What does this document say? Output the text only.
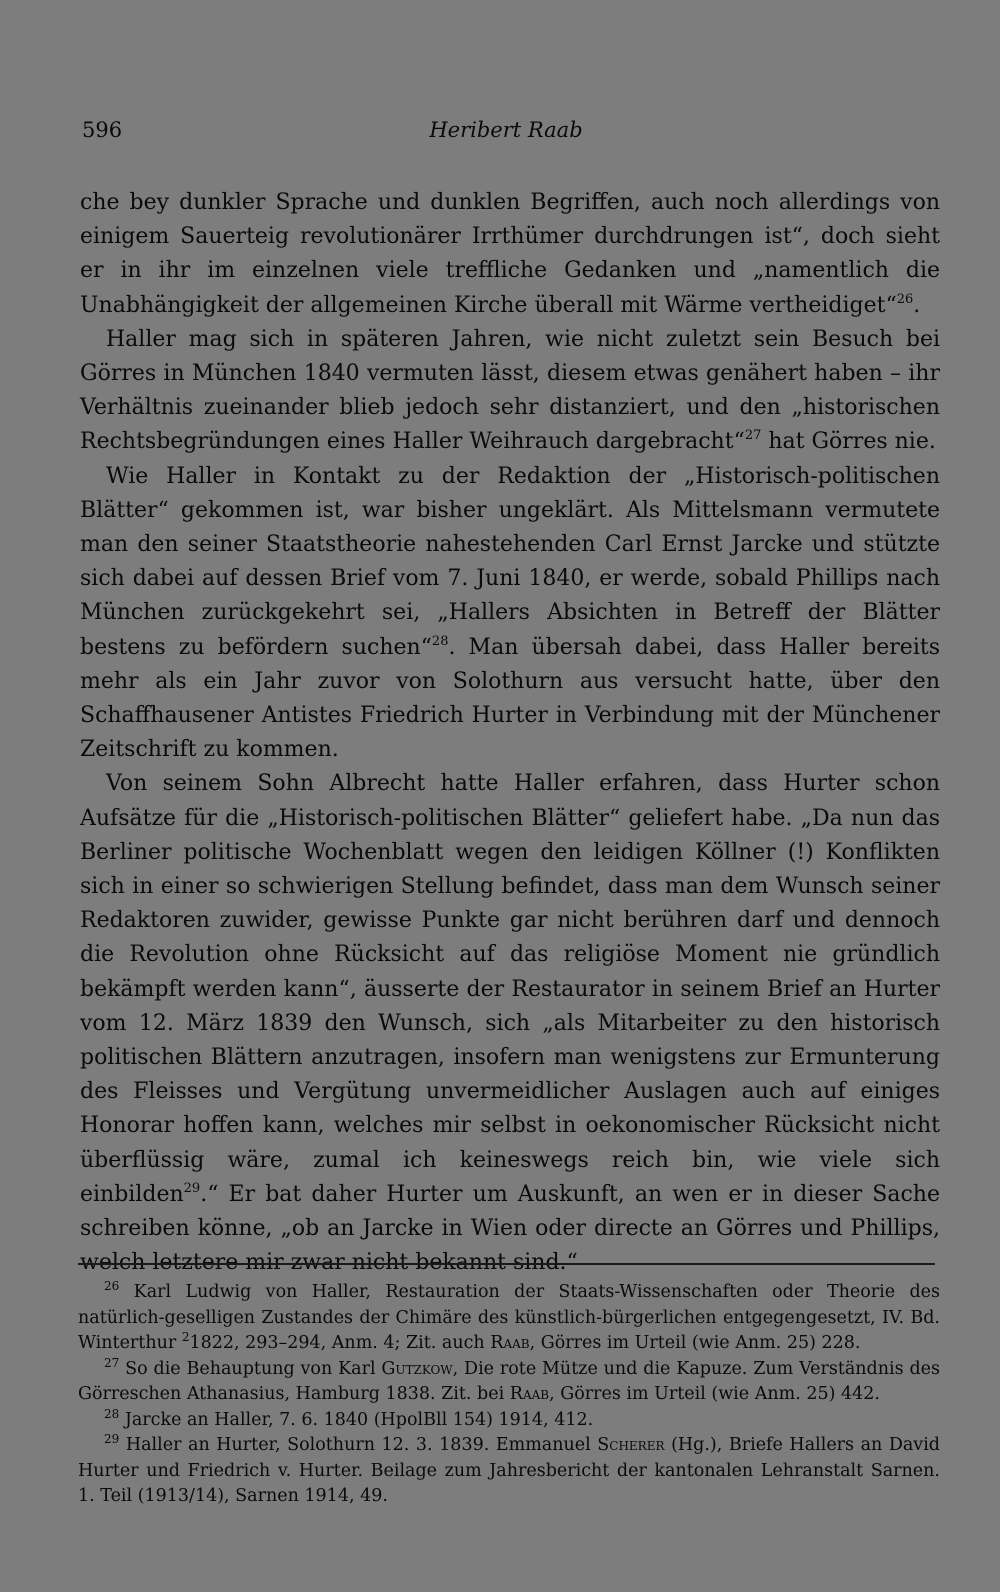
596	Heribert Raab

che bey dunkler Sprache und dunklen Begriffen, auch noch allerdings von einigem Sauerteig revolutionärer Irrthümer durchdrungen ist“, doch sieht er in ihr im einzelnen viele treffliche Gedanken und „namentlich die Unabhängigkeit der allgemeinen Kirche überall mit Wärme vertheidiget“$^{26}$.

Haller mag sich in späteren Jahren, wie nicht zuletzt sein Besuch bei Görres in München 1840 vermuten lässt, diesem etwas genähert haben – ihr Verhältnis zueinander blieb jedoch sehr distanziert, und den „historischen Rechtsbegründungen eines Haller Weihrauch dargebracht“$^{27}$ hat Görres nie.

Wie Haller in Kontakt zu der Redaktion der „Historisch-politischen Blätter“ gekommen ist, war bisher ungeklärt. Als Mittelsmann vermutete man den seiner Staatstheorie nahestehenden Carl Ernst Jarcke und stützte sich dabei auf dessen Brief vom 7. Juni 1840, er werde, sobald Phillips nach München zurückgekehrt sei, „Hallers Absichten in Betreff der Blätter bestens zu befördern suchen“$^{28}$. Man übersah dabei, dass Haller bereits mehr als ein Jahr zuvor von Solothurn aus versucht hatte, über den Schaffhausener Antistes Friedrich Hurter in Verbindung mit der Münchener Zeitschrift zu kommen.

Von seinem Sohn Albrecht hatte Haller erfahren, dass Hurter schon Aufsätze für die „Historisch-politischen Blätter“ geliefert habe. „Da nun das Berliner politische Wochenblatt wegen den leidigen Köllner (!) Konflikten sich in einer so schwierigen Stellung befindet, dass man dem Wunsch seiner Redaktoren zuwider, gewisse Punkte gar nicht berühren darf und dennoch die Revolution ohne Rücksicht auf das religiöse Moment nie gründlich bekämpft werden kann“, äusserte der Restaurator in seinem Brief an Hurter vom 12. März 1839 den Wunsch, sich „als Mitarbeiter zu den historisch politischen Blättern anzutragen, insofern man wenigstens zur Ermunterung des Fleisses und Vergütung unvermeidlicher Auslagen auch auf einiges Honorar hoffen kann, welches mir selbst in oekonomischer Rücksicht nicht überflüssig wäre, zumal ich keineswegs reich bin, wie viele sich einbilden$^{29}$.“ Er bat daher Hurter um Auskunft, an wen er in dieser Sache schreiben könne, „ob an Jarcke in Wien oder directe an Görres und Phillips, welch letztere mir zwar nicht bekannt sind.“

$^{26}$ Karl Ludwig von Haller, Restauration der Staats-Wissenschaften oder Theorie des natürlich-geselligen Zustandes der Chimäre des künstlich-bürgerlichen entgegengesetzt, IV. Bd. Winterthur $^2$1822, 293–294, Anm. 4; Zit. auch Raab, Görres im Urteil (wie Anm. 25) 228.

$^{27}$ So die Behauptung von Karl Gutzkow, Die rote Mütze und die Kapuze. Zum Verständnis des Görreschen Athanasius, Hamburg 1838. Zit. bei Raab, Görres im Urteil (wie Anm. 25) 442.

$^{28}$ Jarcke an Haller, 7. 6. 1840 (HpolBll 154) 1914, 412.

$^{29}$ Haller an Hurter, Solothurn 12. 3. 1839. Emmanuel Scherer (Hg.), Briefe Hallers an David Hurter und Friedrich v. Hurter. Beilage zum Jahresbericht der kantonalen Lehranstalt Sarnen. 1. Teil (1913/14), Sarnen 1914, 49.
